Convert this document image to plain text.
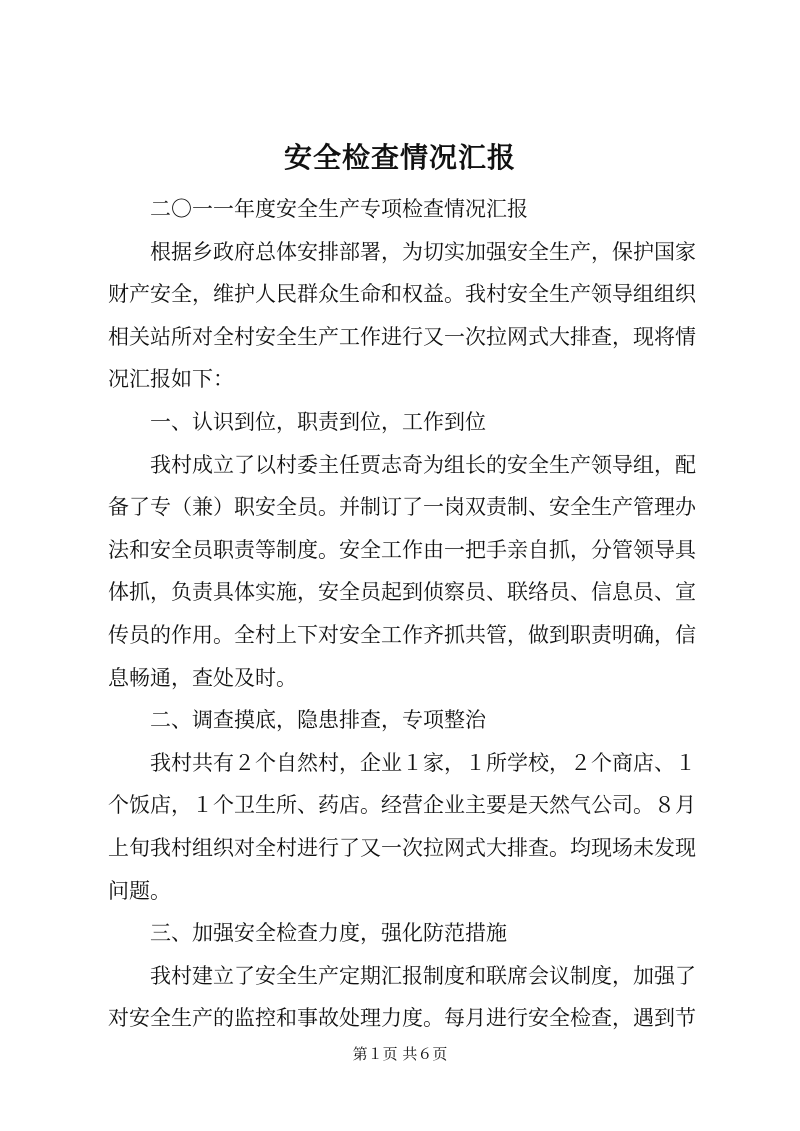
安全检查情况汇报
二〇一一年度安全生产专项检查情况汇报
根据乡政府总体安排部署，为切实加强安全生产，保护国家
财产安全，维护人民群众生命和权益。我村安全生产领导组组织
相关站所对全村安全生产工作进行又一次拉网式大排查，现将情
况汇报如下：
一、认识到位，职责到位，工作到位
我村成立了以村委主任贾志奇为组长的安全生产领导组，配
备了专（兼）职安全员。并制订了一岗双责制、安全生产管理办
法和安全员职责等制度。安全工作由一把手亲自抓，分管领导具
体抓，负责具体实施，安全员起到侦察员、联络员、信息员、宣
传员的作用。全村上下对安全工作齐抓共管，做到职责明确，信
息畅通，查处及时。
二、调查摸底，隐患排查，专项整治
我村共有２个自然村，企业１家，１所学校，２个商店、１
个饭店，１个卫生所、药店。经营企业主要是天然气公司。８月
上旬我村组织对全村进行了又一次拉网式大排查。均现场未发现
问题。
三、加强安全检查力度，强化防范措施
我村建立了安全生产定期汇报制度和联席会议制度，加强了
对安全生产的监控和事故处理力度。每月进行安全检查，遇到节
第１页 共６页
